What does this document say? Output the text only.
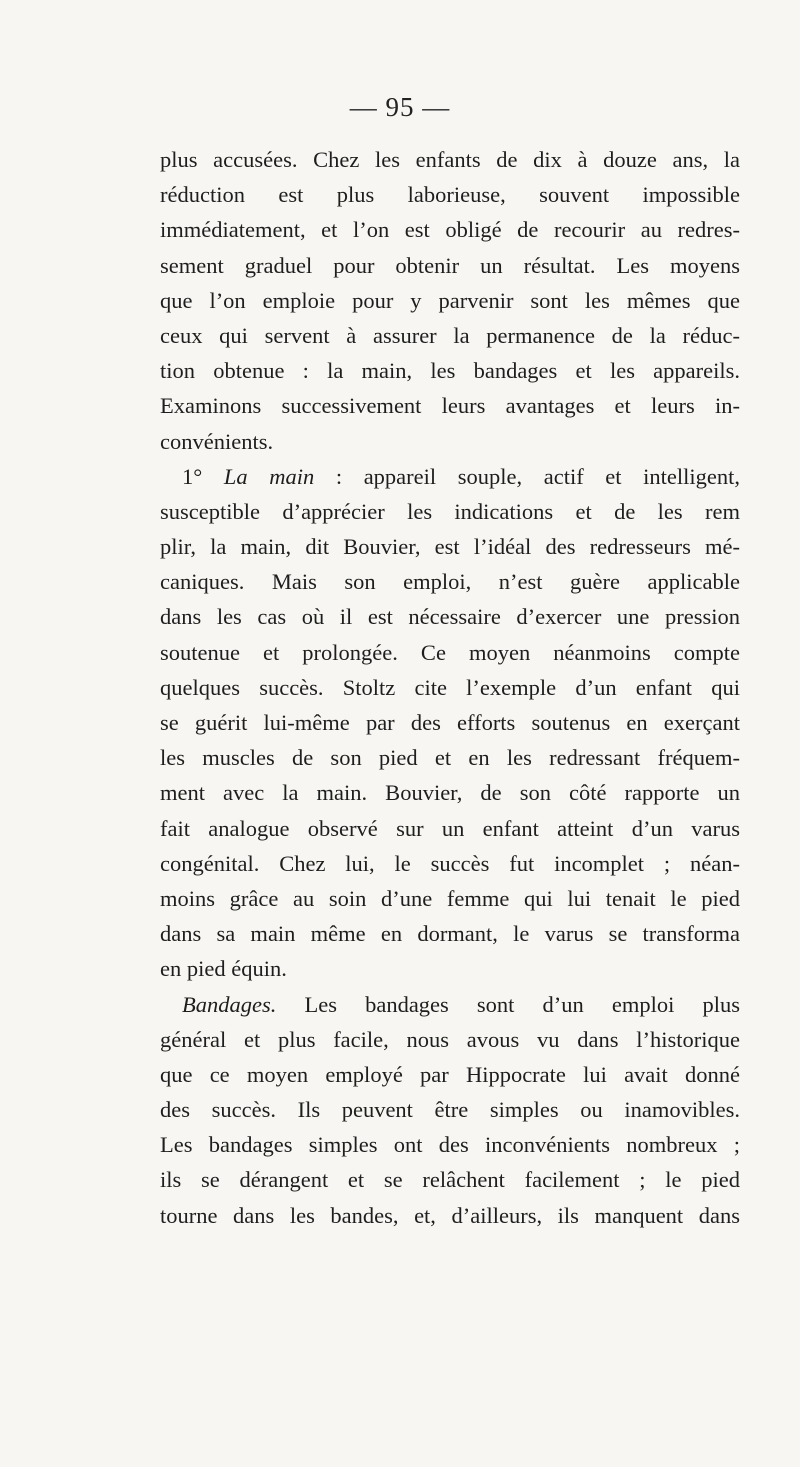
— 95 —
plus accusées. Chez les enfants de dix à douze ans, la
réduction est plus laborieuse, souvent impossible
immédiatement, et l’on est obligé de recourir au redres-
sement graduel pour obtenir un résultat. Les moyens
que l’on emploie pour y parvenir sont les mêmes que
ceux qui servent à assurer la permanence de la réduc-
tion obtenue : la main, les bandages et les appareils.
Examinons successivement leurs avantages et leurs in-
convénients.
1° La main : appareil souple, actif et intelligent,
susceptible d’apprécier les indications et de les rem
plir, la main, dit Bouvier, est l’idéal des redresseurs mé-
caniques. Mais son emploi, n’est guère applicable
dans les cas où il est nécessaire d’exercer une pression
soutenue et prolongée. Ce moyen néanmoins compte
quelques succès. Stoltz cite l’exemple d’un enfant qui
se guérit lui-même par des efforts soutenus en exerçant
les muscles de son pied et en les redressant fréquem-
ment avec la main. Bouvier, de son côté rapporte un
fait analogue observé sur un enfant atteint d’un varus
congénital. Chez lui, le succès fut incomplet ; néan-
moins grâce au soin d’une femme qui lui tenait le pied
dans sa main même en dormant, le varus se transforma
en pied équin.
Bandages. Les bandages sont d’un emploi plus
général et plus facile, nous avous vu dans l’historique
que ce moyen employé par Hippocrate lui avait donné
des succès. Ils peuvent être simples ou inamovibles.
Les bandages simples ont des inconvénients nombreux ;
ils se dérangent et se relâchent facilement ; le pied
tourne dans les bandes, et, d’ailleurs, ils manquent dans
